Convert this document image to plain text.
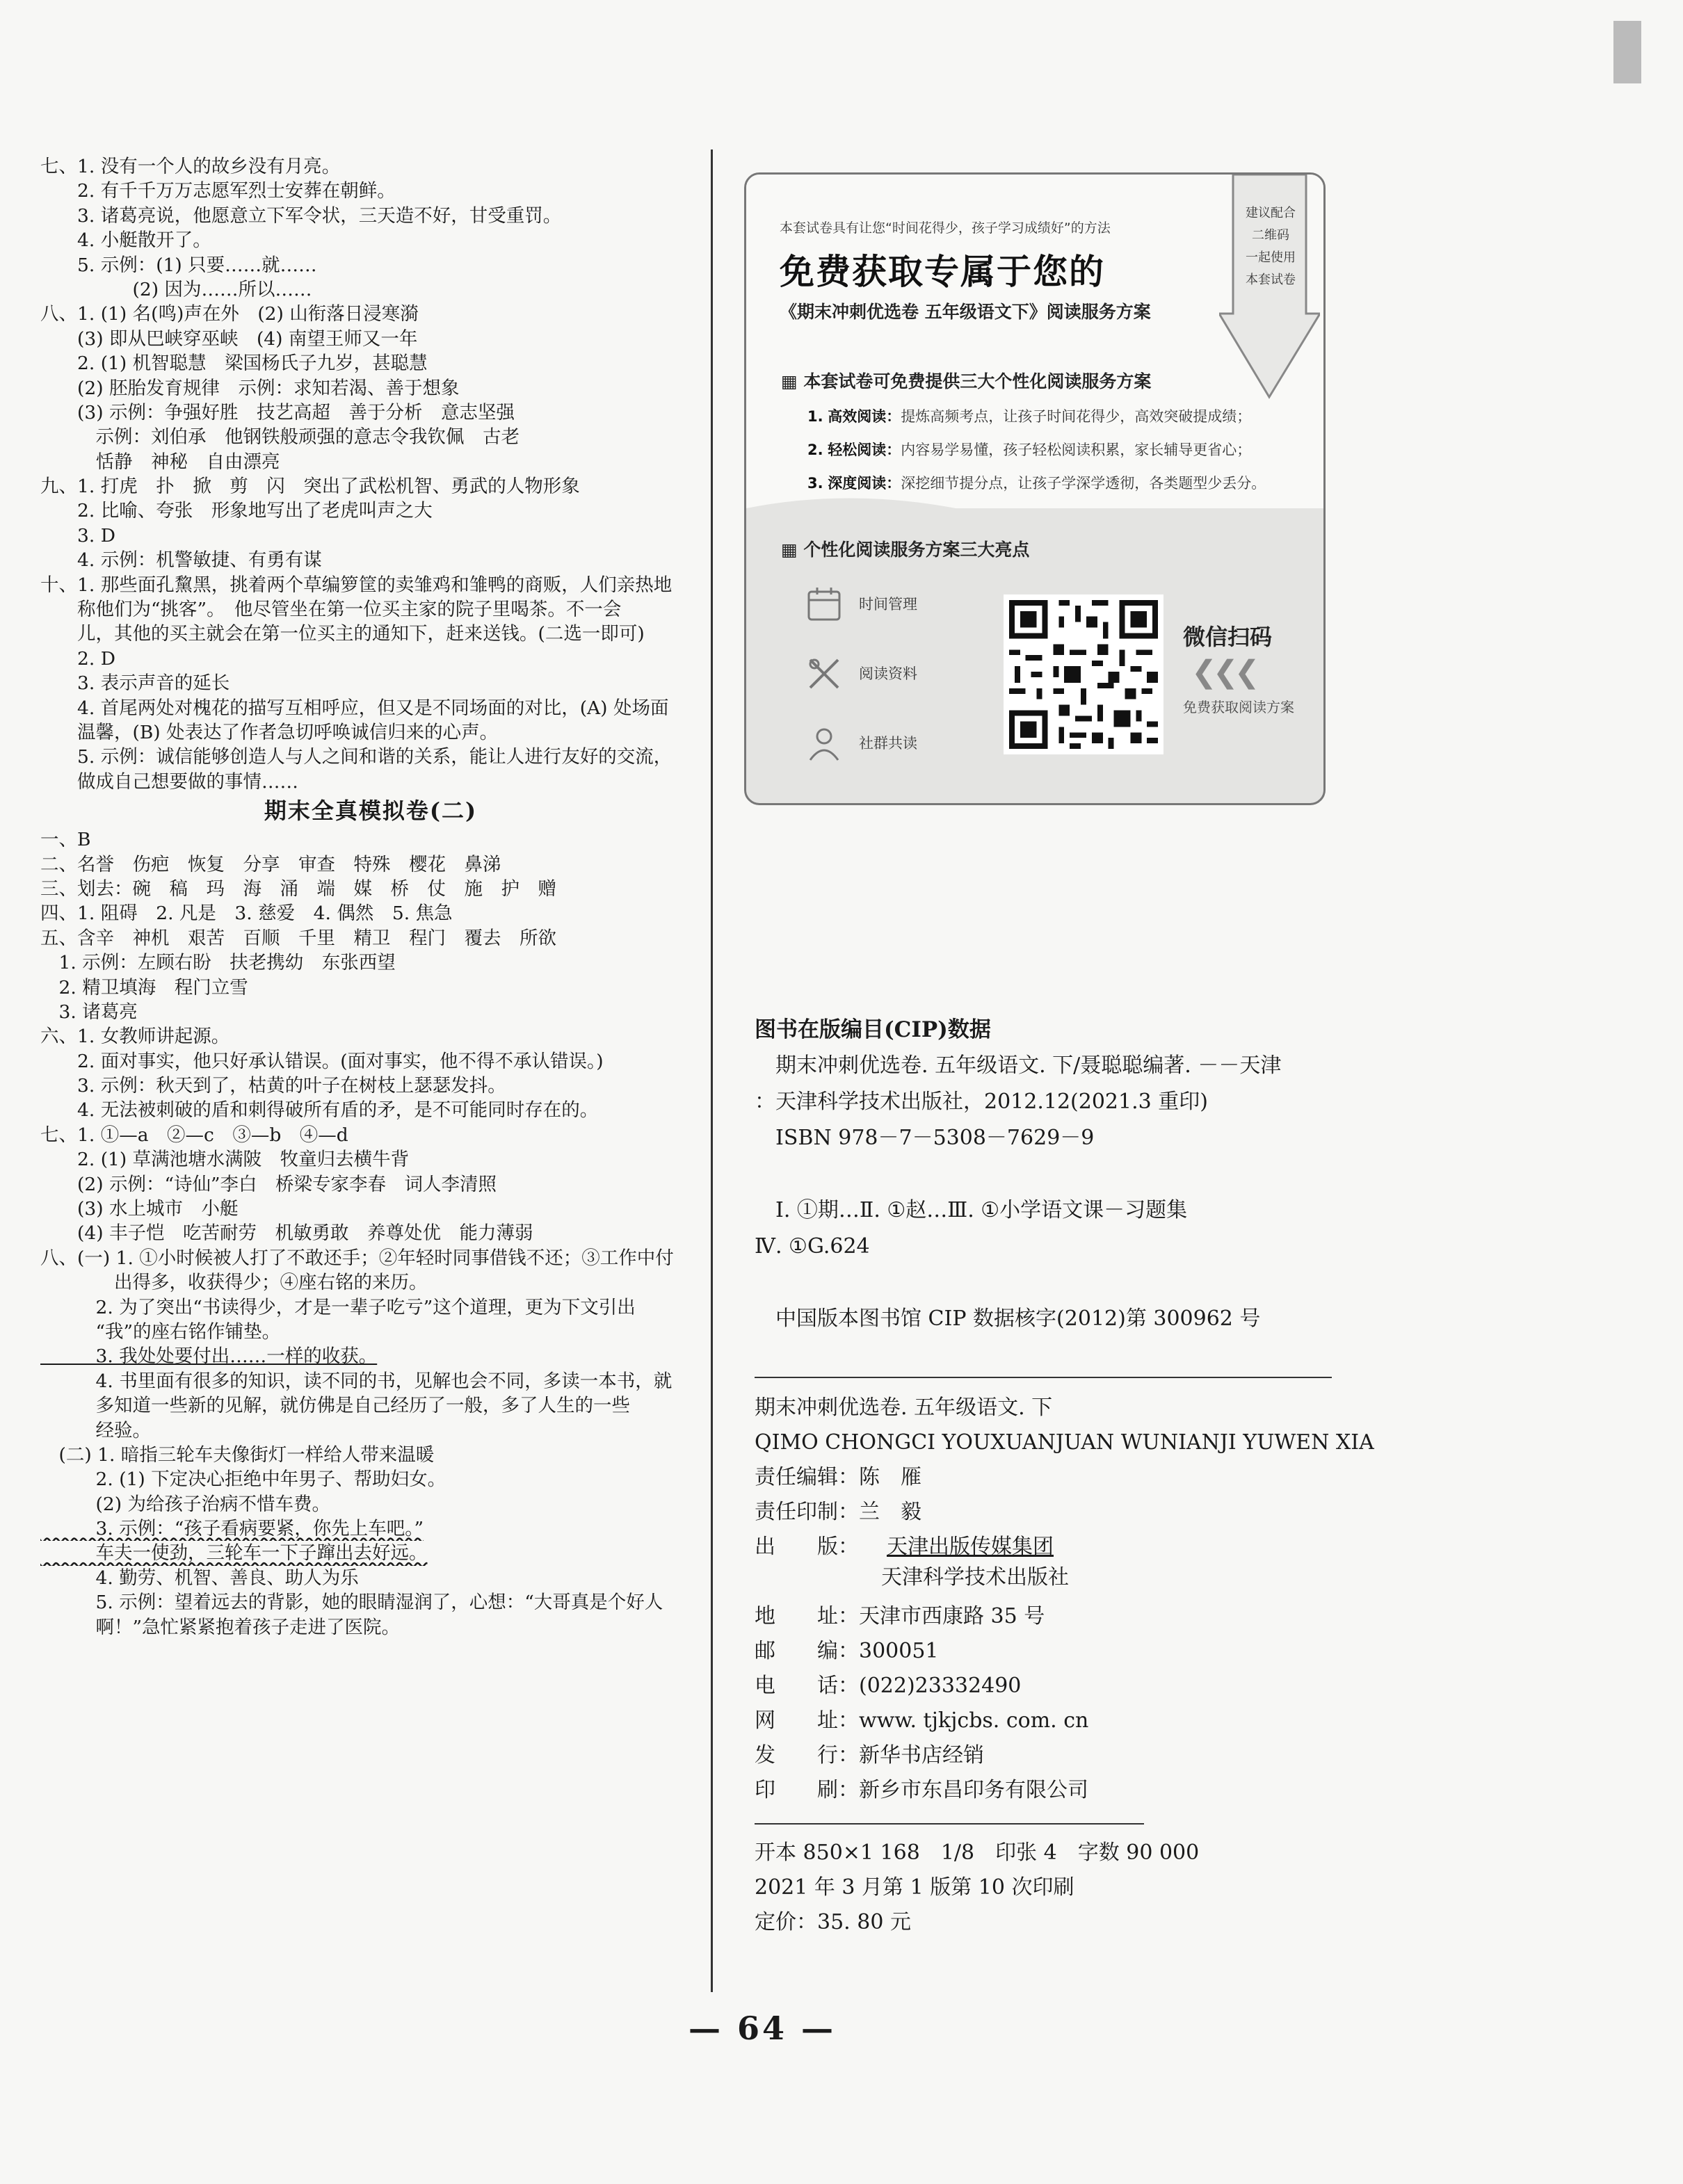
七、1. 没有一个人的故乡没有月亮。
　　2. 有千千万万志愿军烈士安葬在朝鲜。
　　3. 诸葛亮说，他愿意立下军令状，三天造不好，甘受重罚。
　　4. 小艇散开了。
　　5. 示例：(1) 只要……就……
　　　　　(2) 因为……所以……
八、1. (1) 名(鸣)声在外　(2) 山衔落日浸寒漪
　　(3) 即从巴峡穿巫峡　(4) 南望王师又一年
　　2. (1) 机智聪慧　梁国杨氏子九岁，甚聪慧
　　(2) 胚胎发育规律　示例：求知若渴、善于想象
　　(3) 示例：争强好胜　技艺高超　善于分析　意志坚强
　　　示例：刘伯承　他钢铁般顽强的意志令我钦佩　古老
　　　恬静　神秘　自由漂亮
九、1. 打虎　扑　掀　剪　闪　突出了武松机智、勇武的人物形象
　　2. 比喻、夸张　形象地写出了老虎叫声之大
　　3. D
　　4. 示例：机警敏捷、有勇有谋
十、1. 那些面孔黧黑，挑着两个草编箩筐的卖雏鸡和雏鸭的商贩，人们亲热地
　　称他们为“挑客”。　他尽管坐在第一位买主家的院子里喝茶。不一会
　　儿，其他的买主就会在第一位买主的通知下，赶来送钱。(二选一即可)
　　2. D
　　3. 表示声音的延长
　　4. 首尾两处对槐花的描写互相呼应，但又是不同场面的对比，(A) 处场面
　　温馨，(B) 处表达了作者急切呼唤诚信归来的心声。
　　5. 示例：诚信能够创造人与人之间和谐的关系，能让人进行友好的交流，
　　做成自己想要做的事情……
期末全真模拟卷(二)
一、B
二、名誉　伤疤　恢复　分享　审查　特殊　樱花　鼻涕
三、划去：碗　稿　玛　海　涌　端　媒　桥　仗　施　护　赠
四、1. 阻碍　2. 凡是　3. 慈爱　4. 偶然　5. 焦急
五、含辛　神机　艰苦　百顺　千里　精卫　程门　覆去　所欲
　1. 示例：左顾右盼　扶老携幼　东张西望
　2. 精卫填海　程门立雪
　3. 诸葛亮
六、1. 女教师讲起源。
　　2. 面对事实，他只好承认错误。(面对事实，他不得不承认错误。)
　　3. 示例：秋天到了，枯黄的叶子在树枝上瑟瑟发抖。
　　4. 无法被刺破的盾和刺得破所有盾的矛，是不可能同时存在的。
七、1. ①—a　②—c　③—b　④—d
　　2. (1) 草满池塘水满陂　牧童归去横牛背
　　(2) 示例：“诗仙”李白　桥梁专家李春　词人李清照
　　(3) 水上城市　小艇
　　(4) 丰子恺　吃苦耐劳　机敏勇敢　养尊处优　能力薄弱
八、(一) 1. ①小时候被人打了不敢还手；②年轻时同事借钱不还；③工作中付
　　　　出得多，收获得少；④座右铭的来历。
　　　2. 为了突出“书读得少，才是一辈子吃亏”这个道理，更为下文引出
　　　“我”的座右铭作铺垫。
　　　3. 我处处要付出……一样的收获。
　　　4. 书里面有很多的知识，读不同的书，见解也会不同，多读一本书，就
　　　多知道一些新的见解，就仿佛是自己经历了一般，多了人生的一些
　　　经验。
　(二) 1. 暗指三轮车夫像街灯一样给人带来温暖
　　　2. (1) 下定决心拒绝中年男子、帮助妇女。
　　　(2) 为给孩子治病不惜车费。
　　　3. 示例：“孩子看病要紧，你先上车吧。”
　　　车夫一使劲，三轮车一下子蹿出去好远。
　　　4. 勤劳、机智、善良、助人为乐
　　　5. 示例：望着远去的背影，她的眼睛湿润了，心想：“大哥真是个好人
　　　啊！”急忙紧紧抱着孩子走进了医院。
本套试卷具有让您“时间花得少，孩子学习成绩好”的方法
免费获取专属于您的
《期末冲刺优选卷 五年级语文下》阅读服务方案
建议配合
二维码
一起使用
本套试卷
▦ 本套试卷可免费提供三大个性化阅读服务方案
1. 高效阅读：提炼高频考点，让孩子时间花得少，高效突破提成绩；
2. 轻松阅读：内容易学易懂，孩子轻松阅读积累，家长辅导更省心；
3. 深度阅读：深挖细节提分点，让孩子学深学透彻，各类题型少丢分。
▦ 个性化阅读服务方案三大亮点
时间管理
阅读资料
社群共读
微信扫码
❮❮❮
免费获取阅读方案
图书在版编目(CIP)数据
　期末冲刺优选卷. 五年级语文. 下/聂聪聪编著. －－天津
：天津科学技术出版社，2012.12(2021.3 重印)
　ISBN 978－7－5308－7629－9
　Ⅰ. ①期…Ⅱ. ①赵…Ⅲ. ①小学语文课－习题集
Ⅳ. ①G.624
　中国版本图书馆 CIP 数据核字(2012)第 300962 号
期末冲刺优选卷. 五年级语文. 下
QIMO CHONGCI YOUXUANJUAN WUNIANJI YUWEN XIA
责任编辑：陈　雁
责任印制：兰　毅
出　　版： 天津出版传媒集团
天津科学技术出版社
地　　址：天津市西康路 35 号
邮　　编：300051
电　　话：(022)23332490
网　　址：www. tjkjcbs. com. cn
发　　行：新华书店经销
印　　刷：新乡市东昌印务有限公司
开本 850×1 168　1/8　印张 4　字数 90 000
2021 年 3 月第 1 版第 10 次印刷
定价：35. 80 元
— 64 —
